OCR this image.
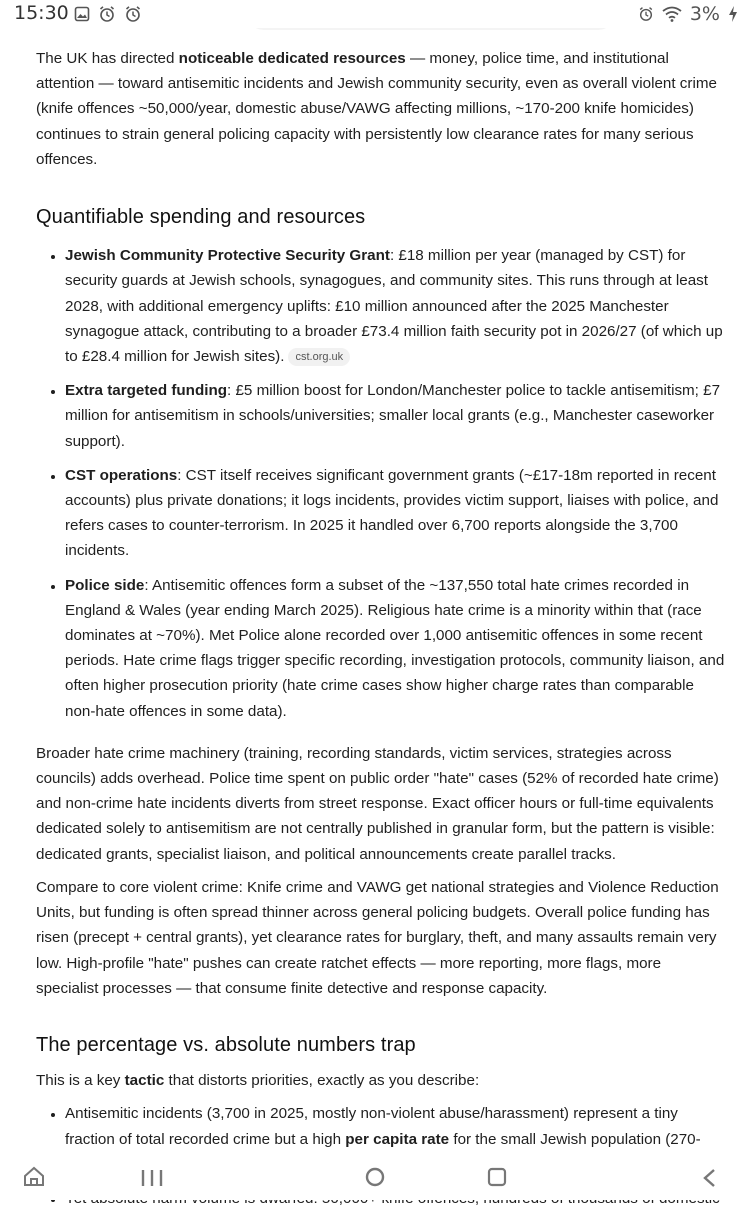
15:30	3%

The UK has directed noticeable dedicated resources — money, police time, and institutional attention — toward antisemitic incidents and Jewish community security, even as overall violent crime (knife offences ~50,000/year, domestic abuse/VAWG affecting millions, ~170-200 knife homicides) continues to strain general policing capacity with persistently low clearance rates for many serious offences.

Quantifiable spending and resources
• Jewish Community Protective Security Grant: £18 million per year (managed by CST) for security guards at Jewish schools, synagogues, and community sites. This runs through at least 2028, with additional emergency uplifts: £10 million announced after the 2025 Manchester synagogue attack, contributing to a broader £73.4 million faith security pot in 2026/27 (of which up to £28.4 million for Jewish sites). cst.org.uk
• Extra targeted funding: £5 million boost for London/Manchester police to tackle antisemitism; £7 million for antisemitism in schools/universities; smaller local grants (e.g., Manchester caseworker support).
• CST operations: CST itself receives significant government grants (~£17-18m reported in recent accounts) plus private donations; it logs incidents, provides victim support, liaises with police, and refers cases to counter-terrorism. In 2025 it handled over 6,700 reports alongside the 3,700 incidents.
• Police side: Antisemitic offences form a subset of the ~137,550 total hate crimes recorded in England & Wales (year ending March 2025). Religious hate crime is a minority within that (race dominates at ~70%). Met Police alone recorded over 1,000 antisemitic offences in some recent periods. Hate crime flags trigger specific recording, investigation protocols, community liaison, and often higher prosecution priority (hate crime cases show higher charge rates than comparable non-hate offences in some data).

Broader hate crime machinery (training, recording standards, victim services, strategies across councils) adds overhead. Police time spent on public order "hate" cases (52% of recorded hate crime) and non-crime hate incidents diverts from street response. Exact officer hours or full-time equivalents dedicated solely to antisemitism are not centrally published in granular form, but the pattern is visible: dedicated grants, specialist liaison, and political announcements create parallel tracks.

Compare to core violent crime: Knife crime and VAWG get national strategies and Violence Reduction Units, but funding is often spread thinner across general policing budgets. Overall police funding has risen (precept + central grants), yet clearance rates for burglary, theft, and many assaults remain very low. High-profile "hate" pushes can create ratchet effects — more reporting, more flags, more specialist processes — that consume finite detective and response capacity.

The percentage vs. absolute numbers trap

This is a key tactic that distorts priorities, exactly as you describe:

• Antisemitic incidents (3,700 in 2025, mostly non-violent abuse/harassment) represent a tiny fraction of total recorded crime but a high per capita rate for the small Jewish population (270-
•
